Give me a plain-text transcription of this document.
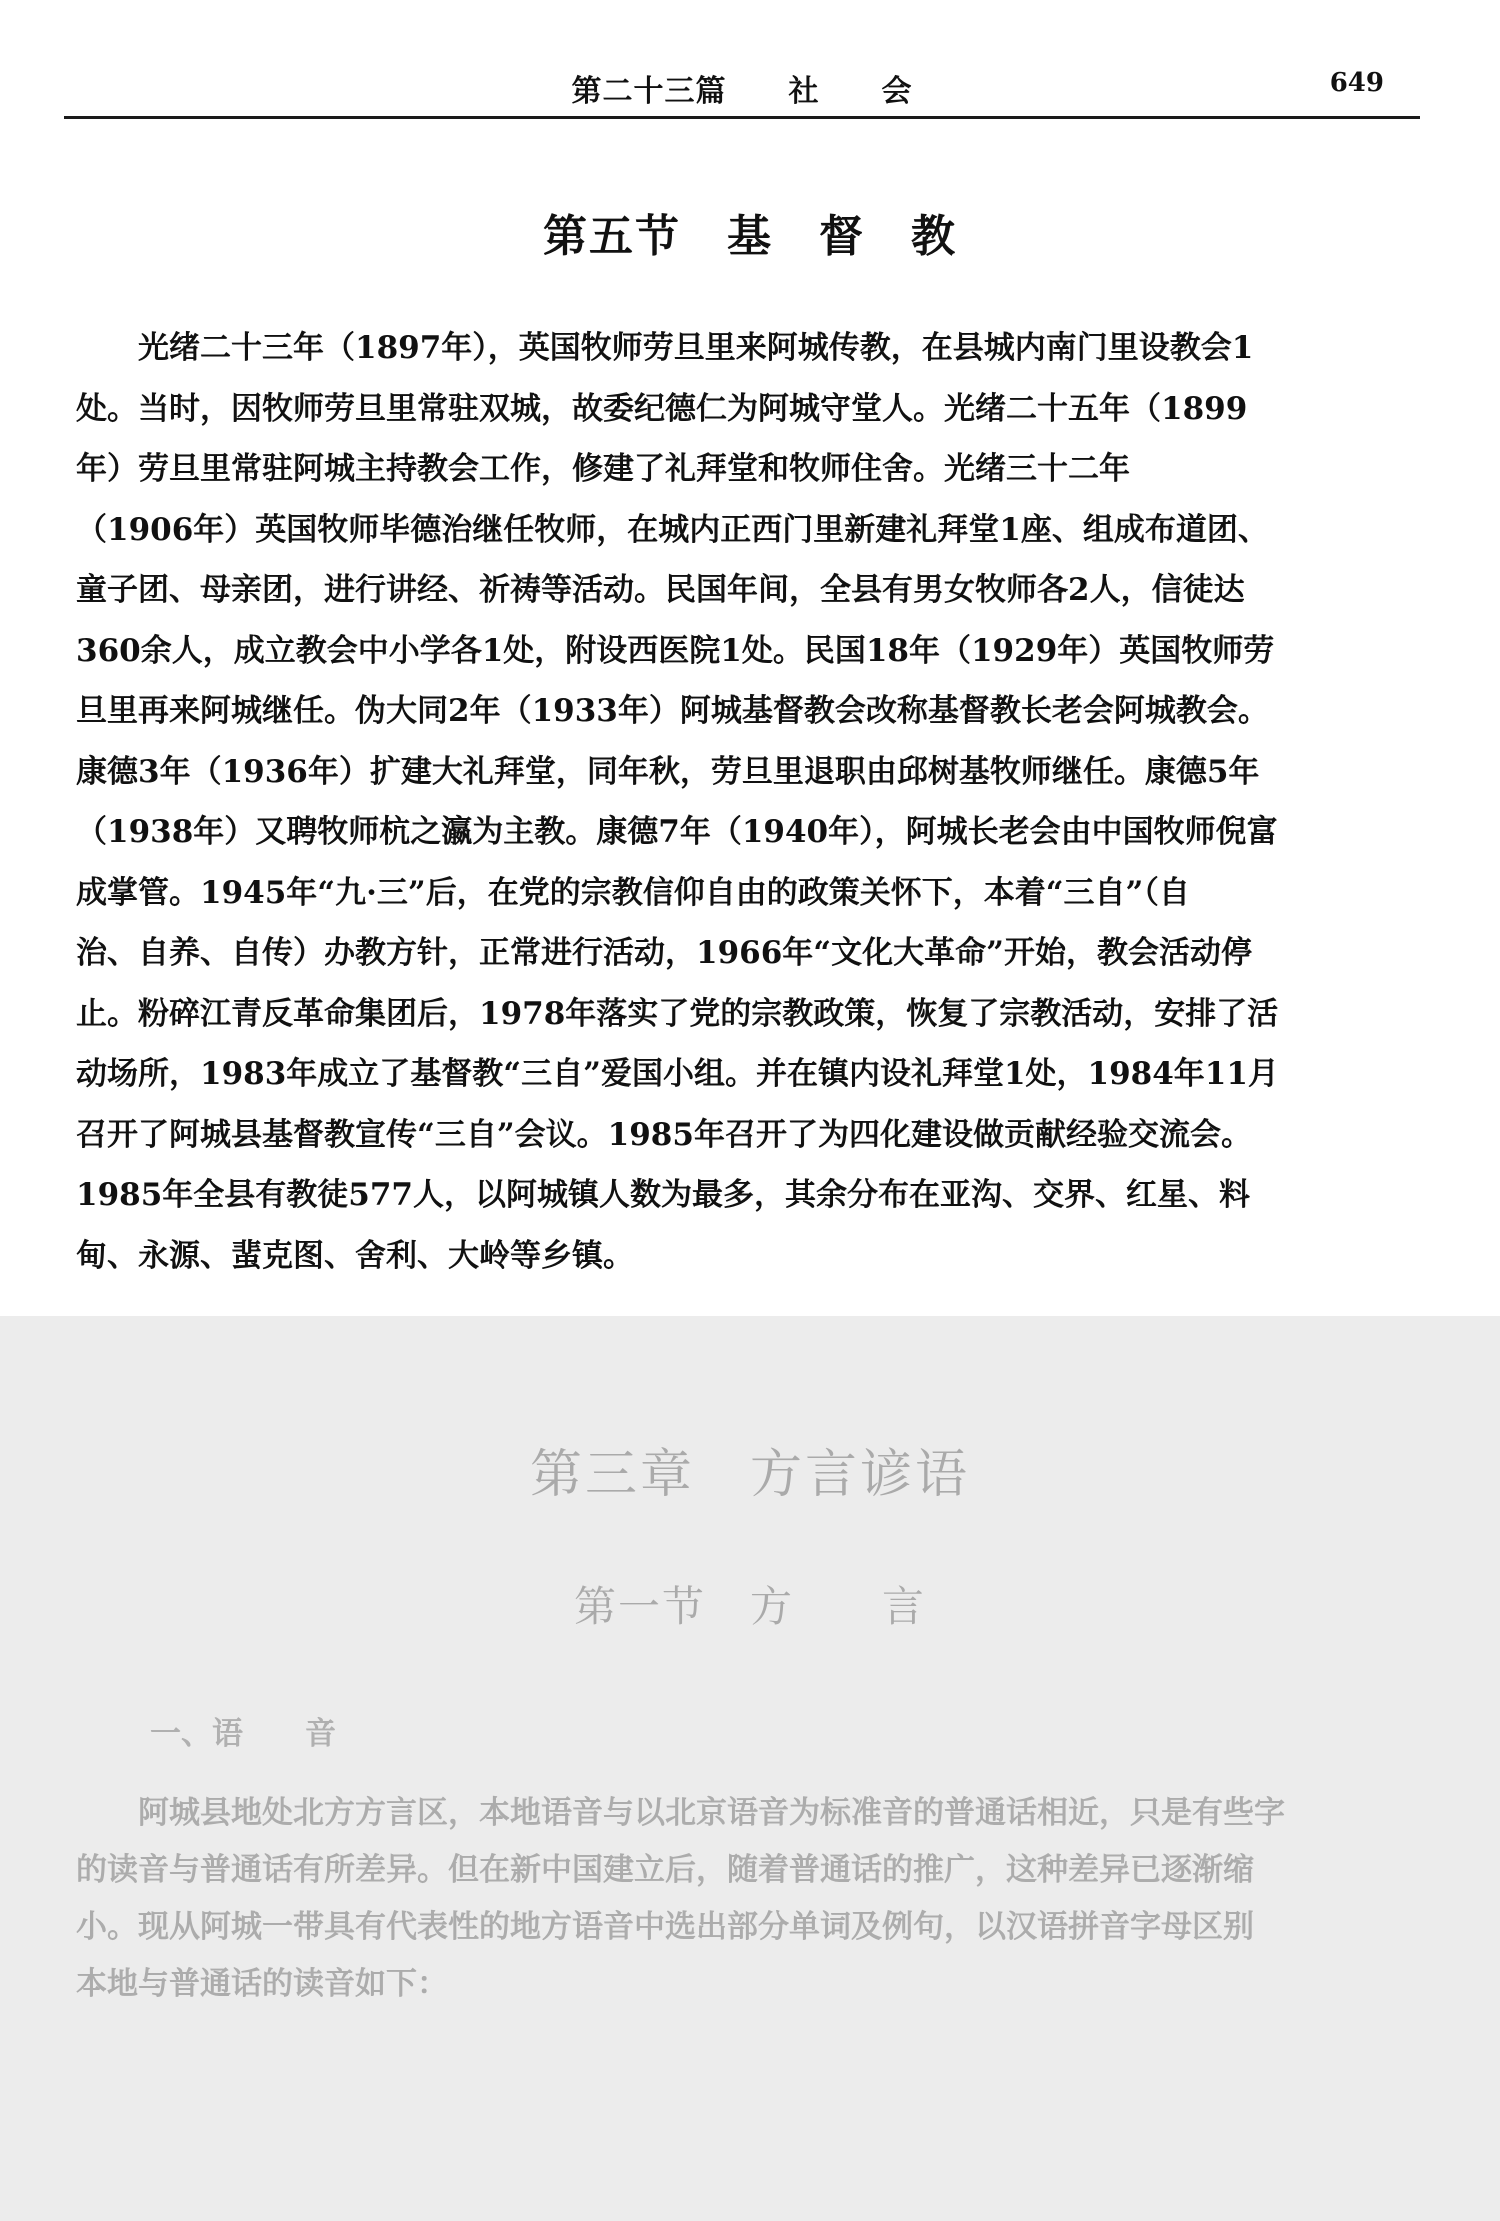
第二十三篇　　社　　会	649
第五节　基　督　教

光绪二十三年（1897年），英国牧师劳旦里来阿城传教，在县城内南门里设教会1
处。当时，因牧师劳旦里常驻双城，故委纪德仁为阿城守堂人。光绪二十五年（1899
年）劳旦里常驻阿城主持教会工作，修建了礼拜堂和牧师住舍。光绪三十二年
（1906年）英国牧师毕德治继任牧师，在城内正西门里新建礼拜堂1座、组成布道团、
童子团、母亲团，进行讲经、祈祷等活动。民国年间，全县有男女牧师各2人，信徒达
360余人，成立教会中小学各1处，附设西医院1处。民国18年（1929年）英国牧师劳
旦里再来阿城继任。伪大同2年（1933年）阿城基督教会改称基督教长老会阿城教会。
康德3年（1936年）扩建大礼拜堂，同年秋，劳旦里退职由邱树基牧师继任。康德5年
（1938年）又聘牧师杭之瀛为主教。康德7年（1940年），阿城长老会由中国牧师倪富
成掌管。1945年“九·三”后，在党的宗教信仰自由的政策关怀下，本着“三自”（自
治、自养、自传）办教方针，正常进行活动，1966年“文化大革命”开始，教会活动停
止。粉碎江青反革命集团后，1978年落实了党的宗教政策，恢复了宗教活动，安排了活
动场所，1983年成立了基督教“三自”爱国小组。并在镇内设礼拜堂1处，1984年11月
召开了阿城县基督教宣传“三自”会议。1985年召开了为四化建设做贡献经验交流会。
1985年全县有教徒577人，以阿城镇人数为最多，其余分布在亚沟、交界、红星、料
甸、永源、蜚克图、舍利、大岭等乡镇。

第三章　方言谚语
第一节　方　　言
一、语　　音

阿城县地处北方方言区，本地语音与以北京语音为标准音的普通话相近，只是有些字
的读音与普通话有所差异。但在新中国建立后，随着普通话的推广，这种差异已逐渐缩
小。现从阿城一带具有代表性的地方语音中选出部分单词及例句，以汉语拼音字母区别
本地与普通话的读音如下：
